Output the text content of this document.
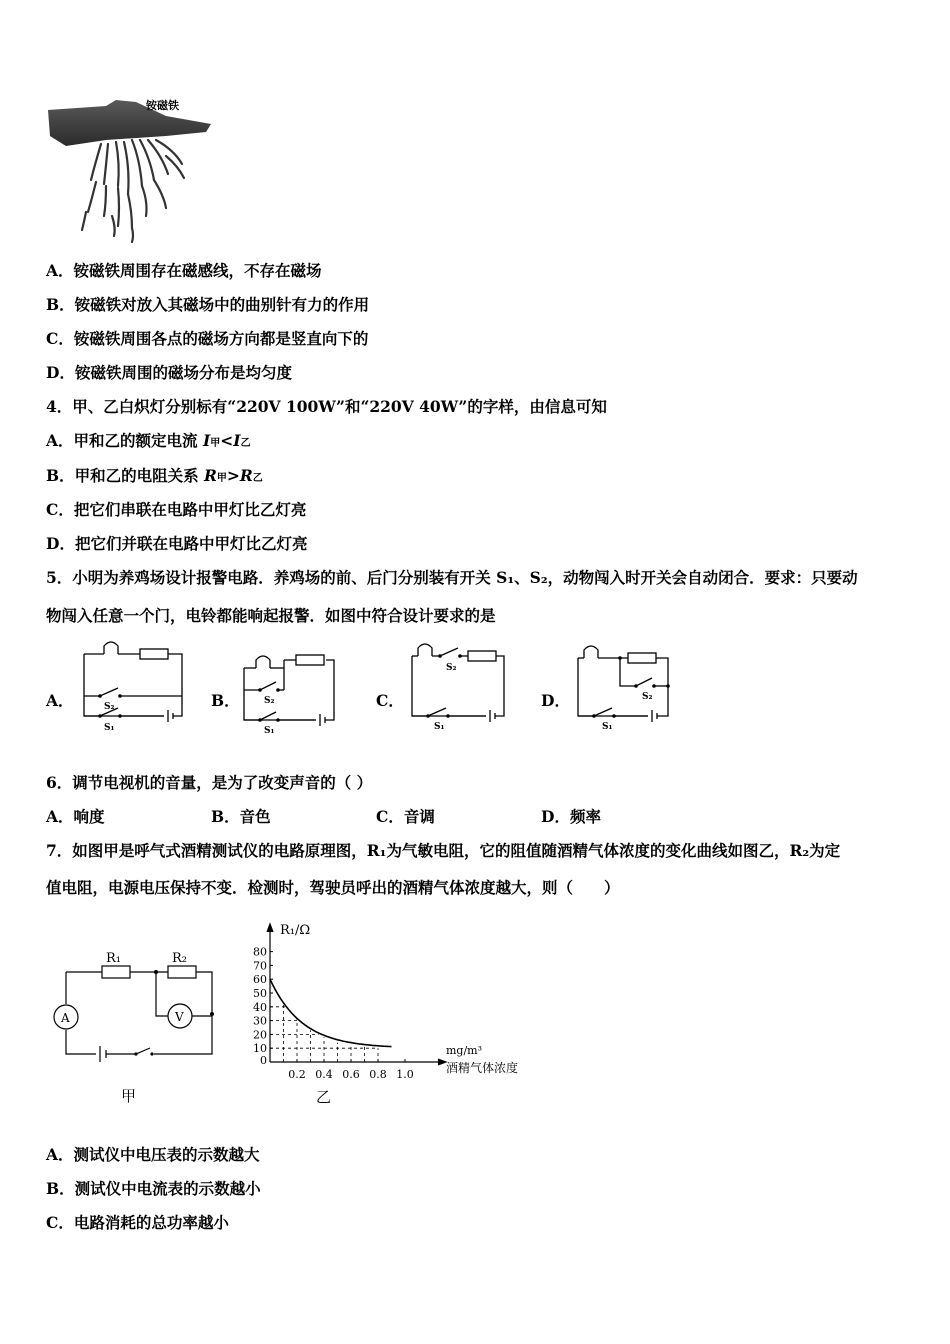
铵磁铁
A．铵磁铁周围存在磁感线，不存在磁场
B．铵磁铁对放入其磁场中的曲别针有力的作用
C．铵磁铁周围各点的磁场方向都是竖直向下的
D．铵磁铁周围的磁场分布是均匀度
4．甲、乙白炽灯分别标有“220V 100W”和“220V 40W”的字样，由信息可知
A．甲和乙的额定电流 I甲<I乙
B．甲和乙的电阻关系 R甲>R乙
C．把它们串联在电路中甲灯比乙灯亮
D．把它们并联在电路中甲灯比乙灯亮
5．小明为养鸡场设计报警电路．养鸡场的前、后门分别装有开关 S₁、S₂，动物闯入时开关会自动闭合．要求：只要动
物闯入任意一个门，电铃都能响起报警．如图中符合设计要求的是
A．	B．	C．	D．
S₂
S₁
S₂
S₁
S₂
S₁
S₂
S₁
6．调节电视机的音量，是为了改变声音的（ ）
A．响度	B．音色	C．音调	D．频率
7．如图甲是呼气式酒精测试仪的电路原理图，R₁为气敏电阻，它的阻值随酒精气体浓度的变化曲线如图乙，R₂为定
值电阻，电源电压保持不变．检测时，驾驶员呼出的酒精气体浓度越大，则（　　）
R₁	R₂
A	V
甲
10
20
30
40
50
60
70
80
0.2 0.4 0.6 0.8 1.0
R₁/Ω
mg/m³
酒精气体浓度
0
乙
A．测试仪中电压表的示数越大
B．测试仪中电流表的示数越小
C．电路消耗的总功率越小
